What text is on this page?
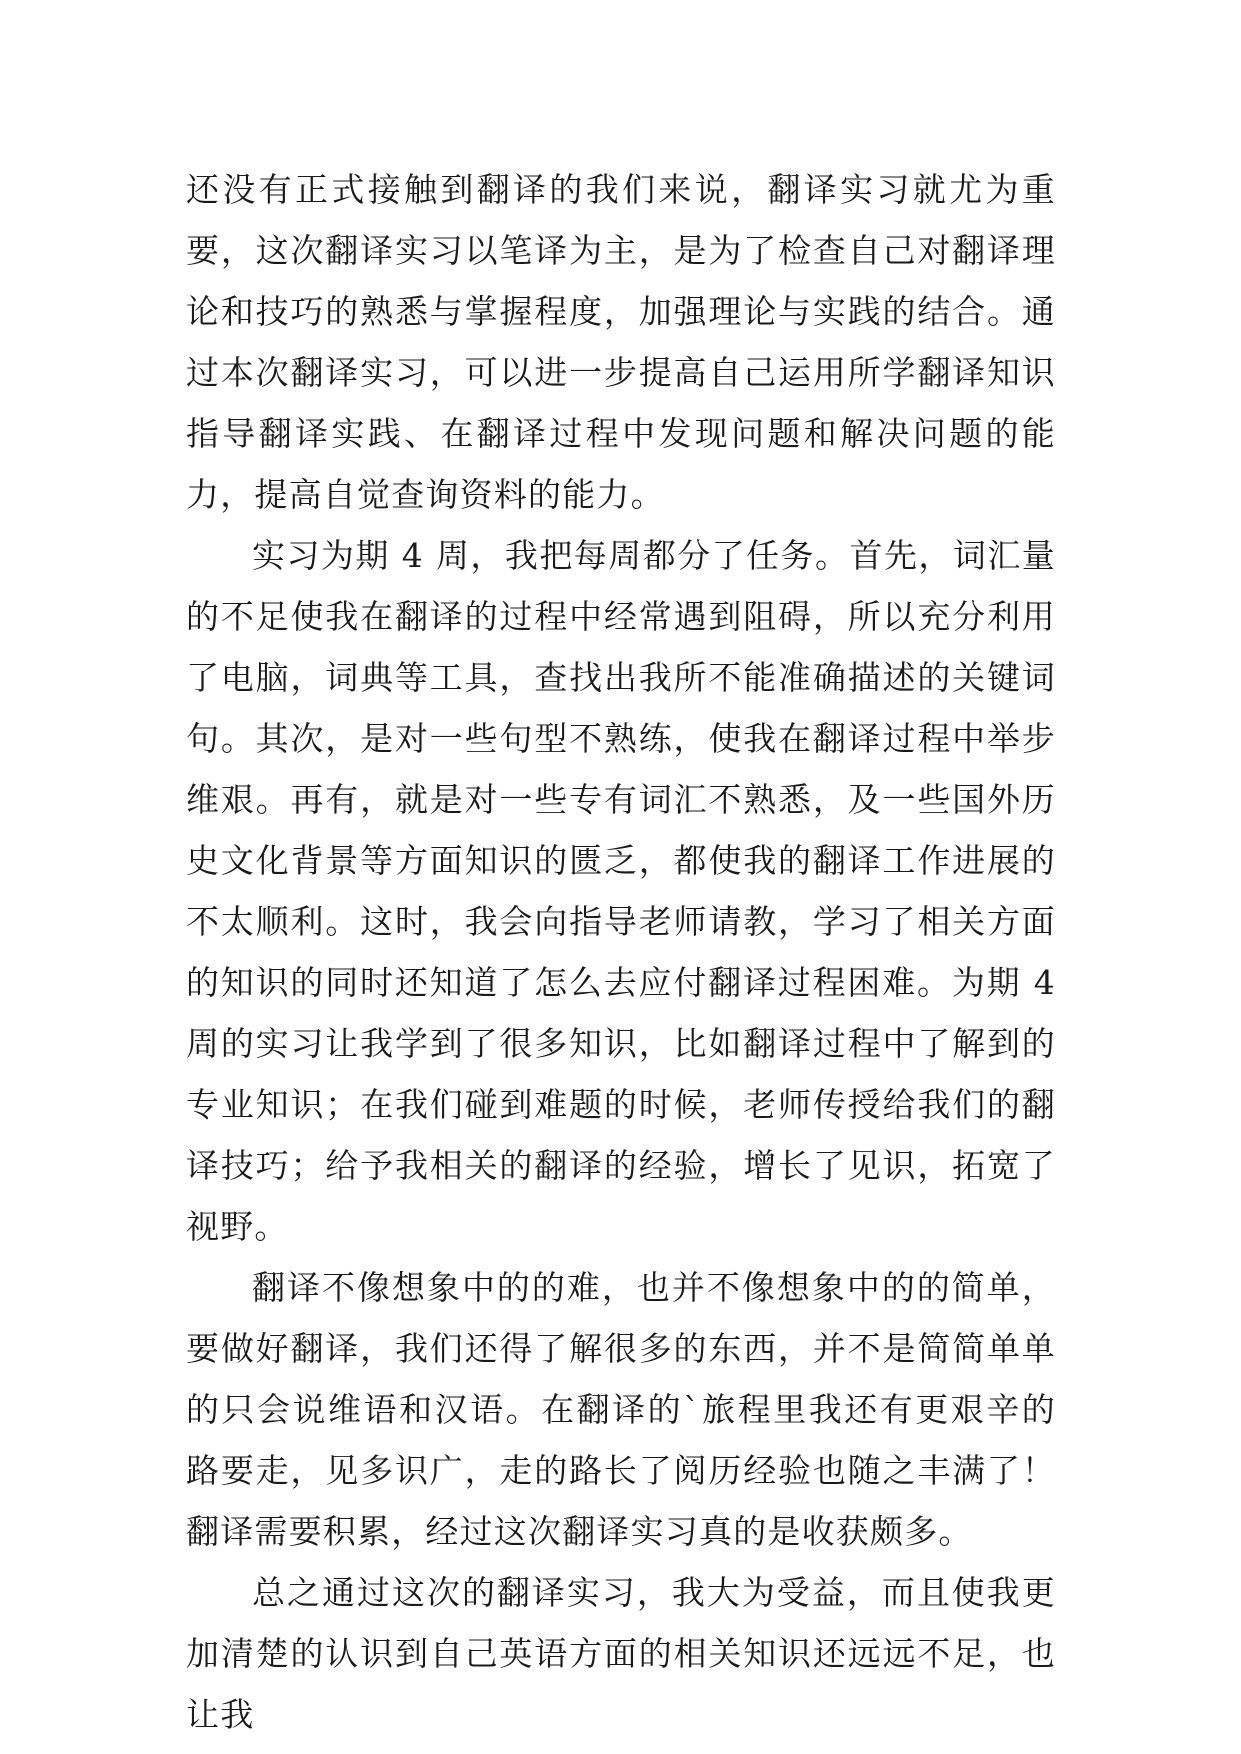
还没有正式接触到翻译的我们来说，翻译实习就尤为重要，这次翻译实习以笔译为主，是为了检查自己对翻译理论和技巧的熟悉与掌握程度，加强理论与实践的结合。通过本次翻译实习，可以进一步提高自己运用所学翻译知识指导翻译实践、在翻译过程中发现问题和解决问题的能力，提高自觉查询资料的能力。

实习为期 4 周，我把每周都分了任务。首先，词汇量的不足使我在翻译的过程中经常遇到阻碍，所以充分利用了电脑，词典等工具，查找出我所不能准确描述的关键词句。其次，是对一些句型不熟练，使我在翻译过程中举步维艰。再有，就是对一些专有词汇不熟悉，及一些国外历史文化背景等方面知识的匮乏，都使我的翻译工作进展的不太顺利。这时，我会向指导老师请教，学习了相关方面的知识的同时还知道了怎么去应付翻译过程困难。为期 4 周的实习让我学到了很多知识，比如翻译过程中了解到的专业知识；在我们碰到难题的时候，老师传授给我们的翻译技巧；给予我相关的翻译的经验，增长了见识，拓宽了视野。

翻译不像想象中的的难，也并不像想象中的的简单，要做好翻译，我们还得了解很多的东西，并不是简简单单的只会说维语和汉语。在翻译的`旅程里我还有更艰辛的路要走，见多识广，走的路长了阅历经验也随之丰满了！翻译需要积累，经过这次翻译实习真的是收获颇多。

总之通过这次的翻译实习，我大为受益，而且使我更加清楚的认识到自己英语方面的相关知识还远远不足，也让我
